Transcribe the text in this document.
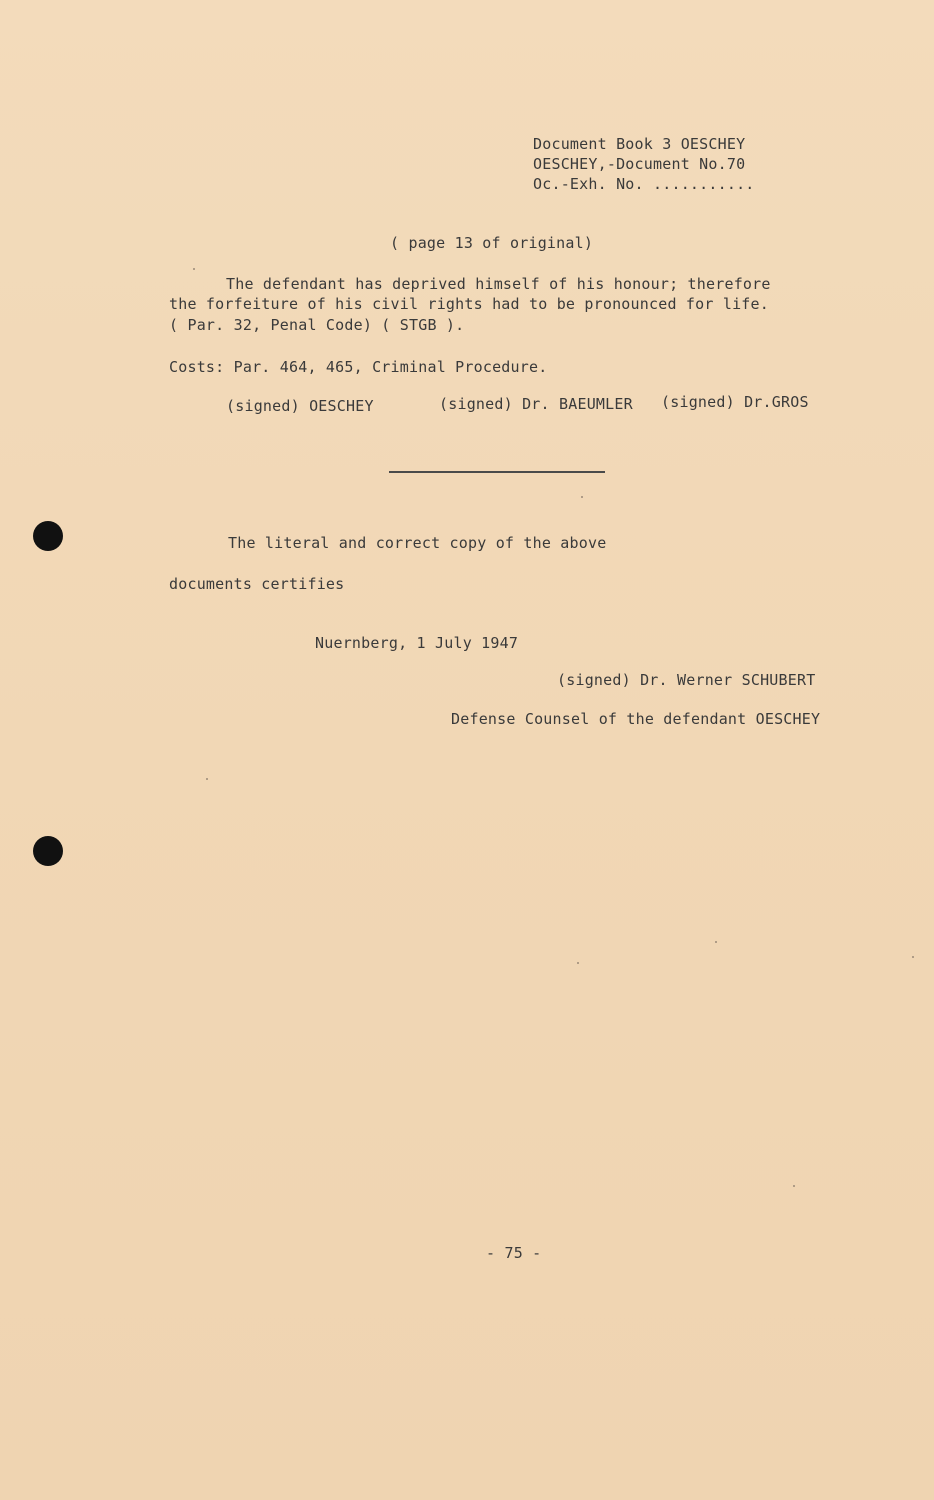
Document Book 3 OESCHEY
OESCHEY,-Document No.70
Oc.-Exh. No. ...........
( page 13 of original)
The defendant has deprived himself of his honour; therefore
the forfeiture of his civil rights had to be pronounced for life.
( Par. 32, Penal Code) ( STGB ).
Costs: Par. 464, 465, Criminal Procedure.
(signed) OESCHEY	(signed) Dr. BAEUMLER (signed) Dr.GROS
The literal and correct copy of the above
documents certifies
Nuernberg, 1 July 1947
(signed) Dr. Werner SCHUBERT
Defense Counsel of the defendant OESCHEY
- 75 -
